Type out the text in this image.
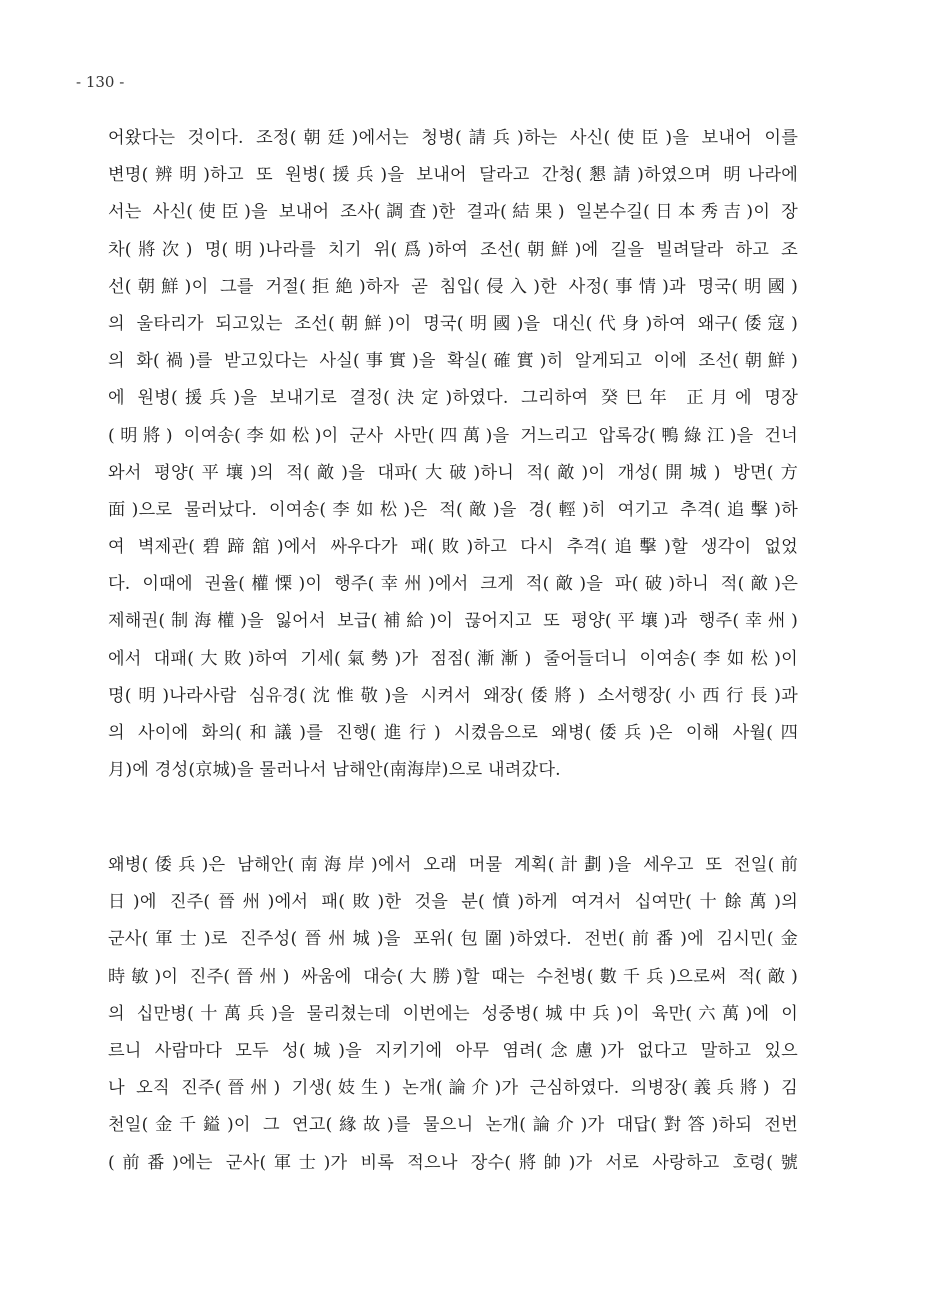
- 130 -
어왔다는 것이다. 조정(朝廷)에서는 청병(請兵)하는 사신(使臣)을 보내어 이를
변명(辨明)하고 또 원병(援兵)을 보내어 달라고 간청(懇請)하였으며 明나라에
서는 사신(使臣)을 보내어 조사(調査)한 결과(結果) 일본수길(日本秀吉)이 장
차(將次) 명(明)나라를 치기 위(爲)하여 조선(朝鮮)에 길을 빌려달라 하고 조
선(朝鮮)이 그를 거절(拒絶)하자 곧 침입(侵入)한 사정(事情)과 명국(明國)
의 울타리가 되고있는 조선(朝鮮)이 명국(明國)을 대신(代身)하여 왜구(倭寇)
의 화(禍)를 받고있다는 사실(事實)을 확실(確實)히 알게되고 이에 조선(朝鮮)
에 원병(援兵)을 보내기로 결정(決定)하였다. 그리하여 癸巳年 正月에 명장
(明將) 이여송(李如松)이 군사 사만(四萬)을 거느리고 압록강(鴨綠江)을 건너
와서 평양(平壤)의 적(敵)을 대파(大破)하니 적(敵)이 개성(開城) 방면(方
面)으로 물러났다. 이여송(李如松)은 적(敵)을 경(輕)히 여기고 추격(追擊)하
여 벽제관(碧蹄舘)에서 싸우다가 패(敗)하고 다시 추격(追擊)할 생각이 없었
다. 이때에 권율(權慄)이 행주(幸州)에서 크게 적(敵)을 파(破)하니 적(敵)은
제해권(制海權)을 잃어서 보급(補給)이 끊어지고 또 평양(平壤)과 행주(幸州)
에서 대패(大敗)하여 기세(氣勢)가 점점(漸漸) 줄어들더니 이여송(李如松)이
명(明)나라사람 심유경(沈惟敬)을 시켜서 왜장(倭將) 소서행장(小西行長)과
의 사이에 화의(和議)를 진행(進行) 시켰음으로 왜병(倭兵)은 이해 사월(四
月)에 경성(京城)을 물러나서 남해안(南海岸)으로 내려갔다.
왜병(倭兵)은 남해안(南海岸)에서 오래 머물 계획(計劃)을 세우고 또 전일(前
日)에 진주(晉州)에서 패(敗)한 것을 분(憤)하게 여겨서 십여만(十餘萬)의
군사(軍士)로 진주성(晉州城)을 포위(包圍)하였다. 전번(前番)에 김시민(金
時敏)이 진주(晉州) 싸움에 대승(大勝)할 때는 수천병(數千兵)으로써 적(敵)
의 십만병(十萬兵)을 물리쳤는데 이번에는 성중병(城中兵)이 육만(六萬)에 이
르니 사람마다 모두 성(城)을 지키기에 아무 염려(念慮)가 없다고 말하고 있으
나 오직 진주(晉州) 기생(妓生) 논개(論介)가 근심하였다. 의병장(義兵將) 김
천일(金千鎰)이 그 연고(緣故)를 물으니 논개(論介)가 대답(對答)하되 전번
(前番)에는 군사(軍士)가 비록 적으나 장수(將帥)가 서로 사랑하고 호령(號
